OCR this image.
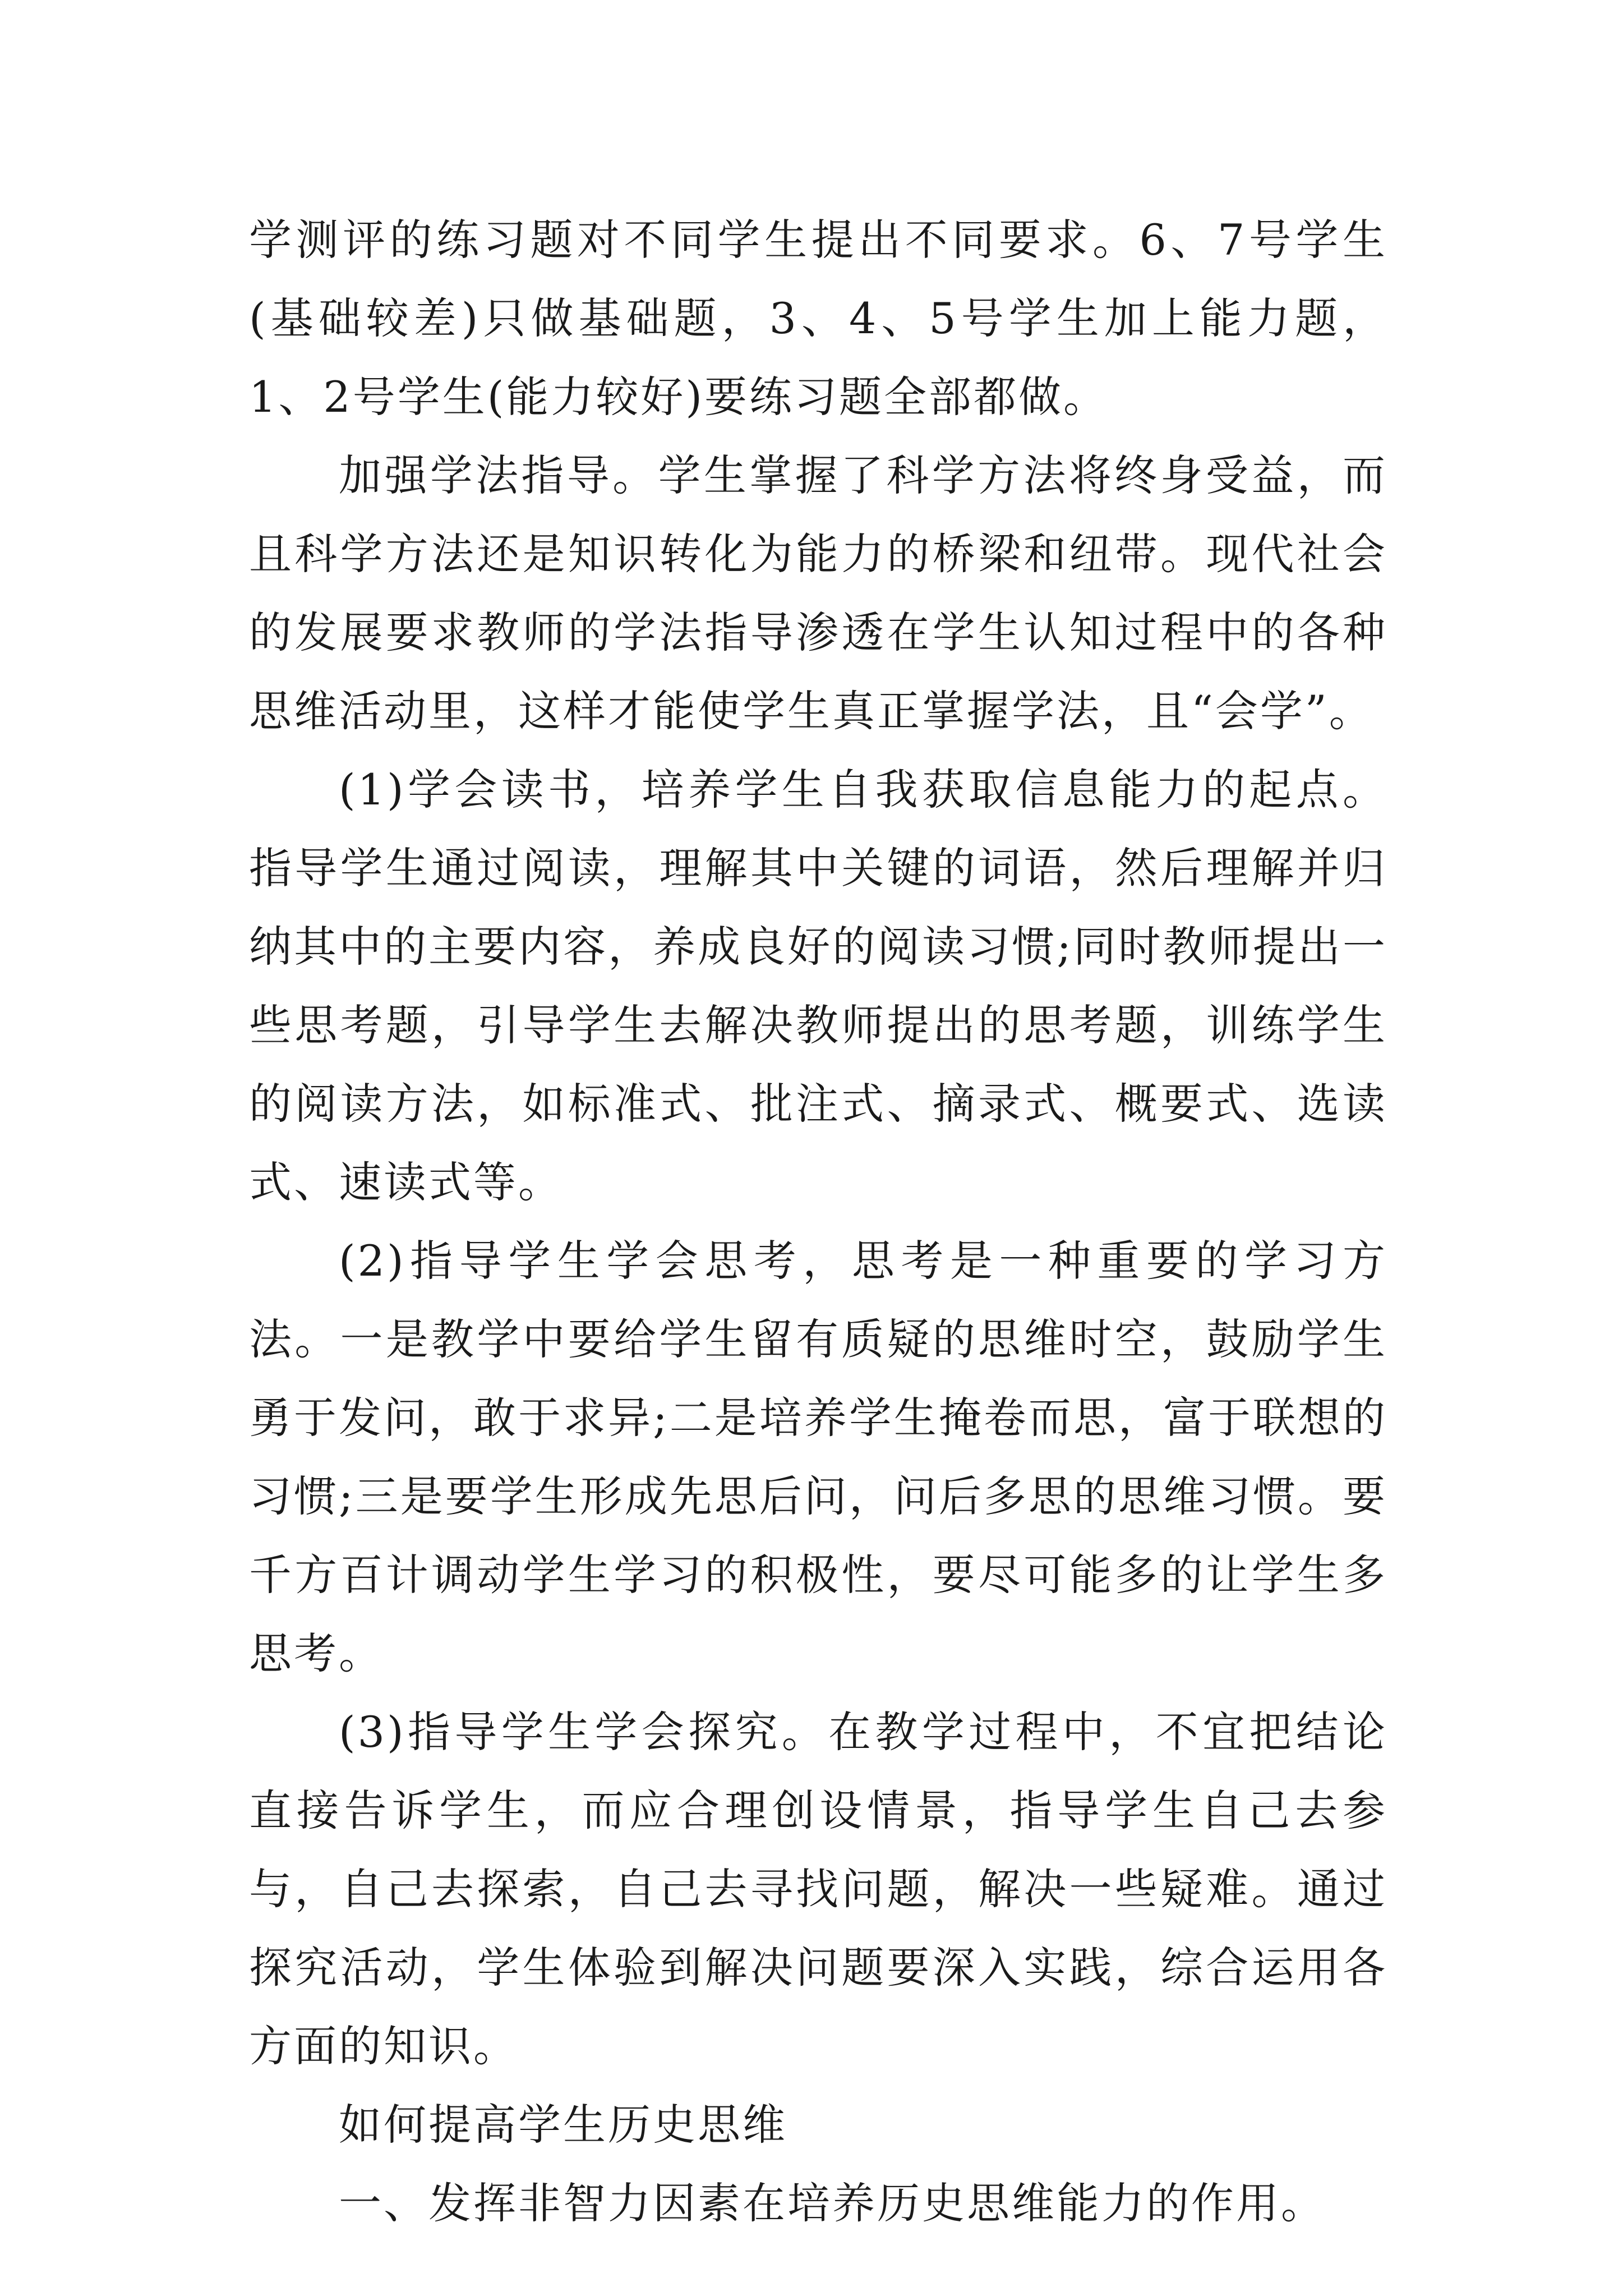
学测评的练习题对不同学生提出不同要求。6、7号学生(基础较差)只做基础题，3、4、5号学生加上能力题，1、2号学生(能力较好)要练习题全部都做。

加强学法指导。学生掌握了科学方法将终身受益，而且科学方法还是知识转化为能力的桥梁和纽带。现代社会的发展要求教师的学法指导渗透在学生认知过程中的各种思维活动里，这样才能使学生真正掌握学法，且“会学”。

(1)学会读书，培养学生自我获取信息能力的起点。指导学生通过阅读，理解其中关键的词语，然后理解并归纳其中的主要内容，养成良好的阅读习惯;同时教师提出一些思考题，引导学生去解决教师提出的思考题，训练学生的阅读方法，如标准式、批注式、摘录式、概要式、选读式、速读式等。

(2)指导学生学会思考，思考是一种重要的学习方法。一是教学中要给学生留有质疑的思维时空，鼓励学生勇于发问，敢于求异;二是培养学生掩卷而思，富于联想的习惯;三是要学生形成先思后问，问后多思的思维习惯。要千方百计调动学生学习的积极性，要尽可能多的让学生多思考。

(3)指导学生学会探究。在教学过程中，不宜把结论直接告诉学生，而应合理创设情景，指导学生自己去参与，自己去探索，自己去寻找问题，解决一些疑难。通过探究活动，学生体验到解决问题要深入实践，综合运用各方面的知识。

如何提高学生历史思维

一、发挥非智力因素在培养历史思维能力的作用。
